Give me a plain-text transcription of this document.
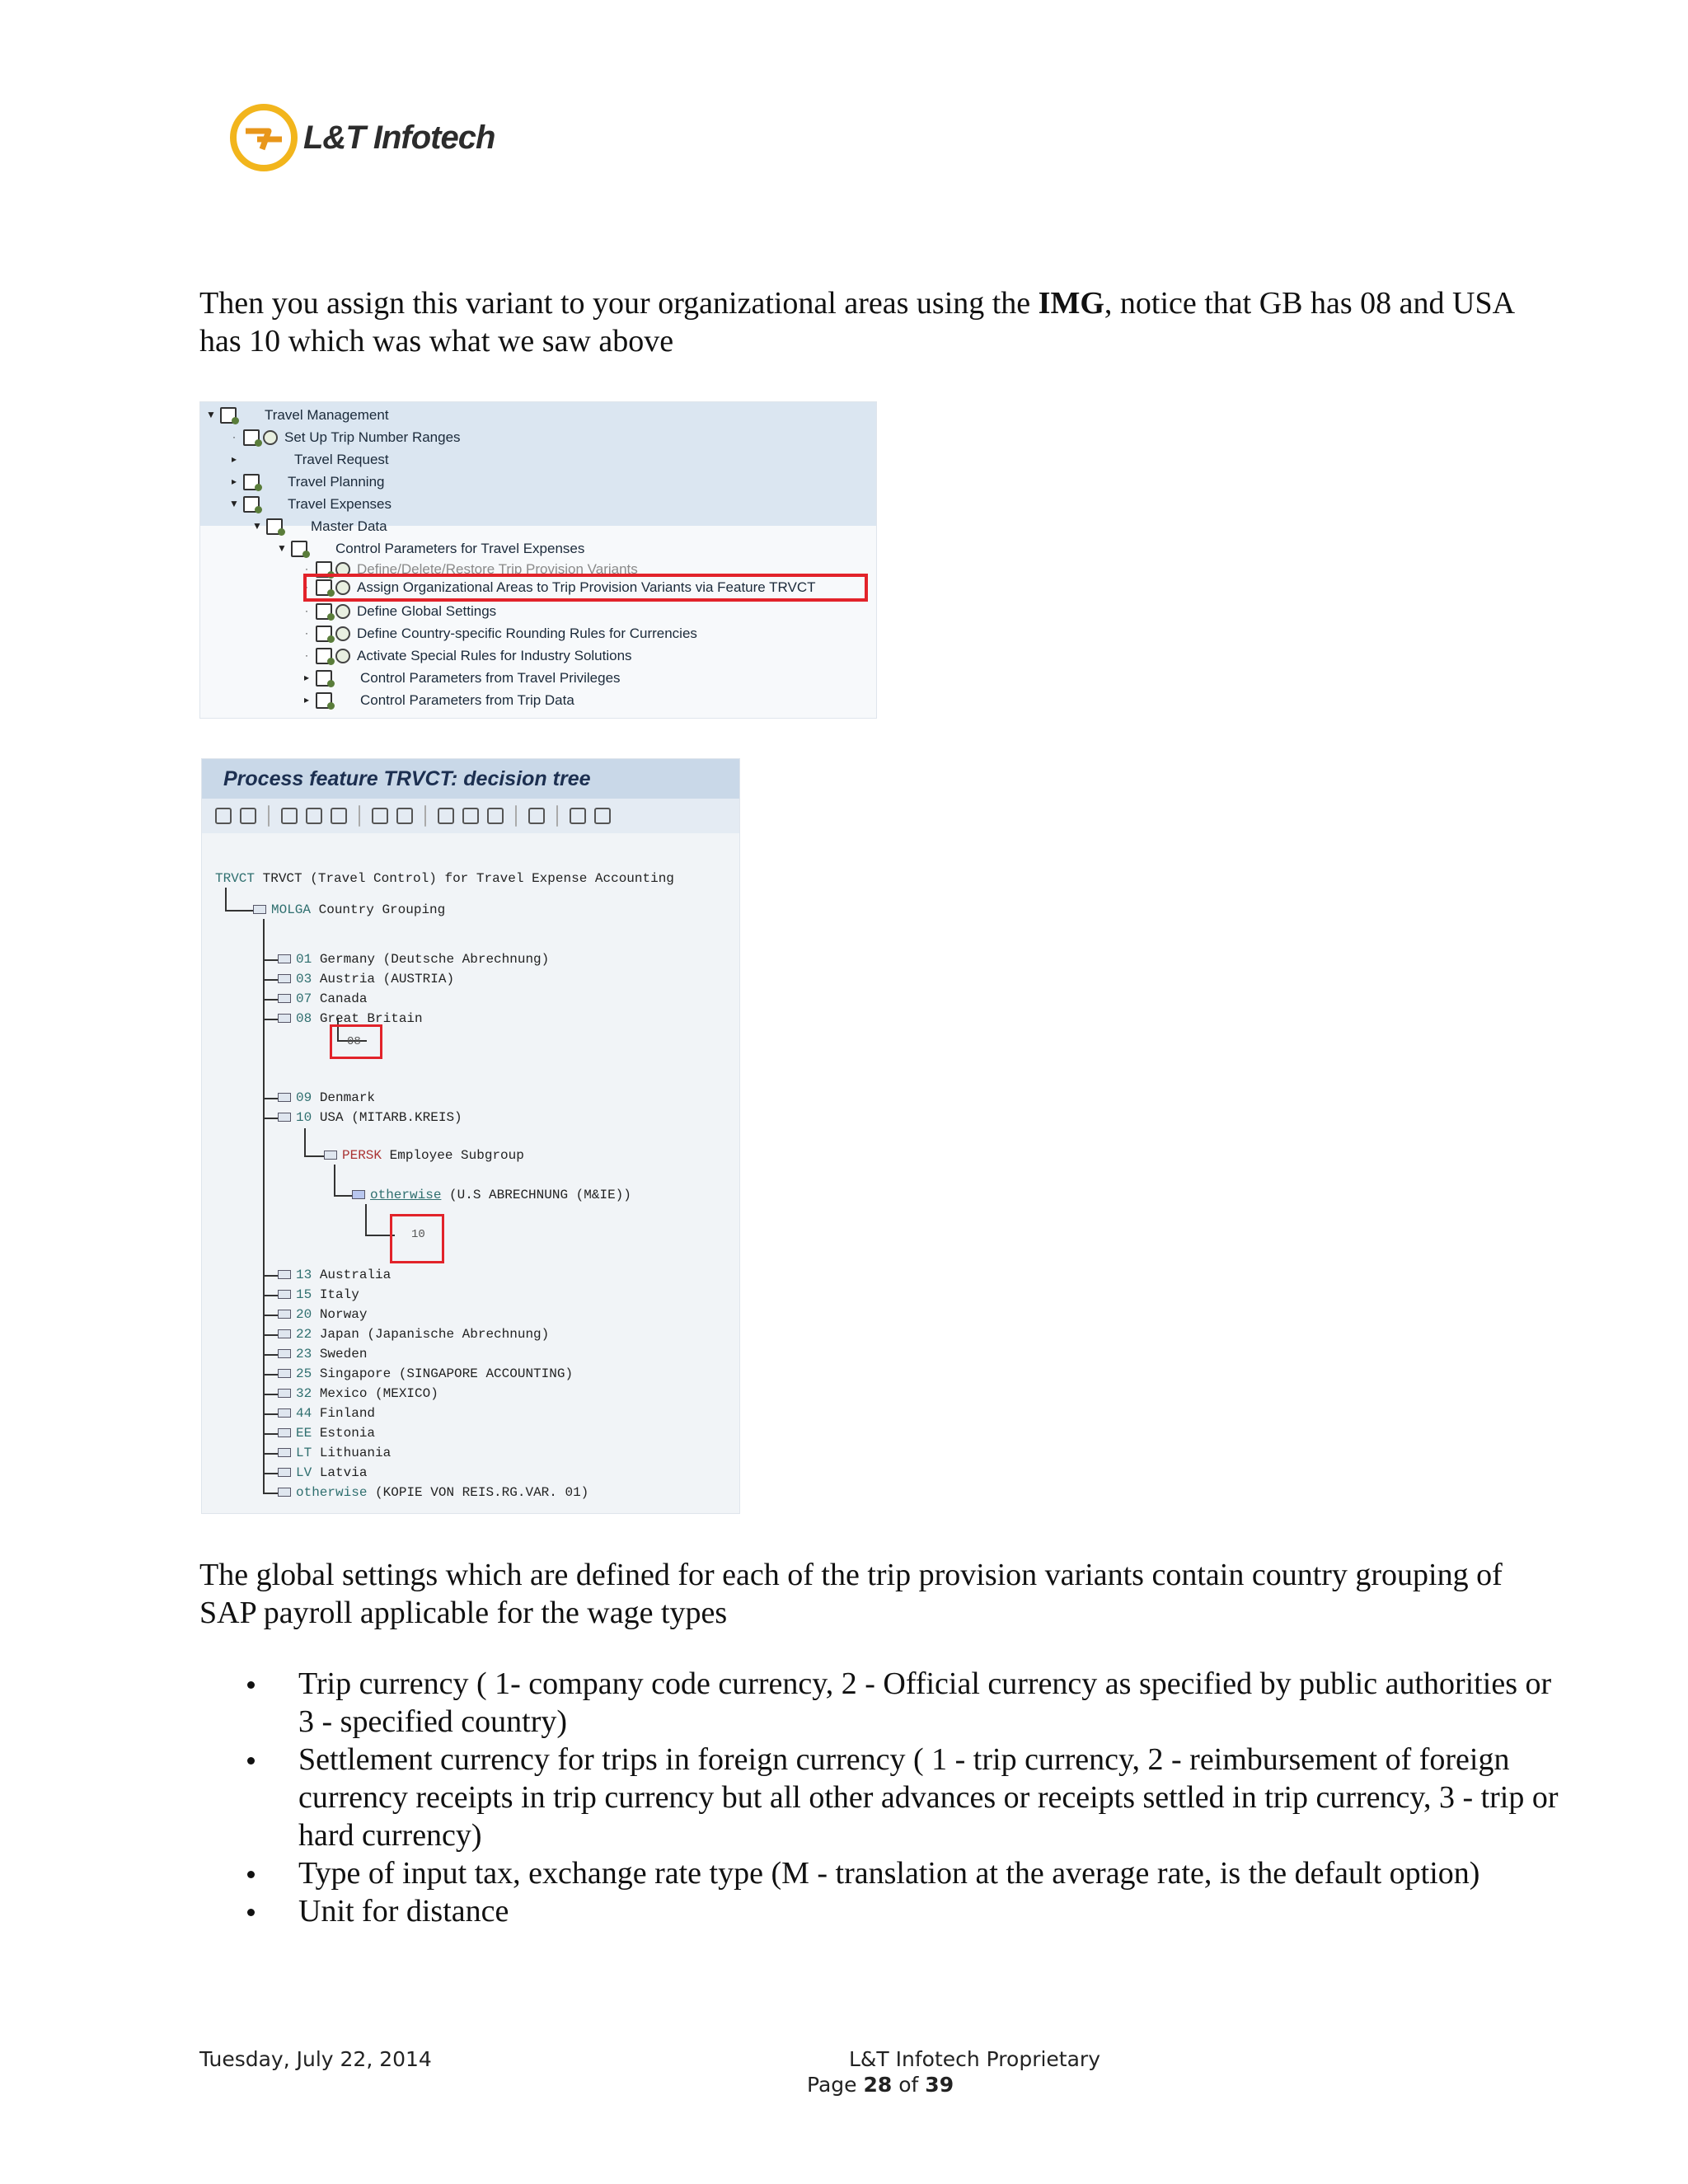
L&T Infotech
Then you assign this variant to your organizational areas using the IMG, notice that GB has 08 and USA has 10 which was what we saw above
▼	Travel Management
·	Set Up Trip Number Ranges
▸	Travel Request
▸	Travel Planning
▼	Travel Expenses
▼	Master Data
▼	Control Parameters for Travel Expenses
·	Define/Delete/Restore Trip Provision Variants
·	Assign Organizational Areas to Trip Provision Variants via Feature TRVCT
·	Define Global Settings
·	Define Country-specific Rounding Rules for Currencies
·	Activate Special Rules for Industry Solutions
▸	Control Parameters from Travel Privileges
▸	Control Parameters from Trip Data
Process feature TRVCT: decision tree
TRVCT TRVCT (Travel Control) for Travel Expense Accounting
MOLGA Country Grouping
08
PERSK Employee Subgroup
otherwise (U.S ABRECHNUNG (M&IE))
10
01 Germany (Deutsche Abrechnung)
03 Austria (AUSTRIA)
07 Canada
08 Great Britain
09 Denmark
10 USA (MITARB.KREIS)
13 Australia
15 Italy
20 Norway
22 Japan (Japanische Abrechnung)
23 Sweden
25 Singapore (SINGAPORE ACCOUNTING)
32 Mexico (MEXICO)
44 Finland
EE Estonia
LT Lithuania
LV Latvia
otherwise (KOPIE VON REIS.RG.VAR. 01)
The global settings which are defined for each of the trip provision variants contain country grouping of SAP payroll applicable for the wage types
Trip currency ( 1- company code currency, 2 - Official currency as specified by public authorities or 3 - specified country)
Settlement currency for trips in foreign currency ( 1 - trip currency, 2 - reimbursement of foreign currency receipts in trip currency but all other advances or receipts settled in trip currency, 3 - trip or hard currency)
Type of input tax, exchange rate type (M - translation at the average rate, is the default option)
Unit for distance
Tuesday, July 22, 2014	L&T Infotech Proprietary
Page 28 of 39
